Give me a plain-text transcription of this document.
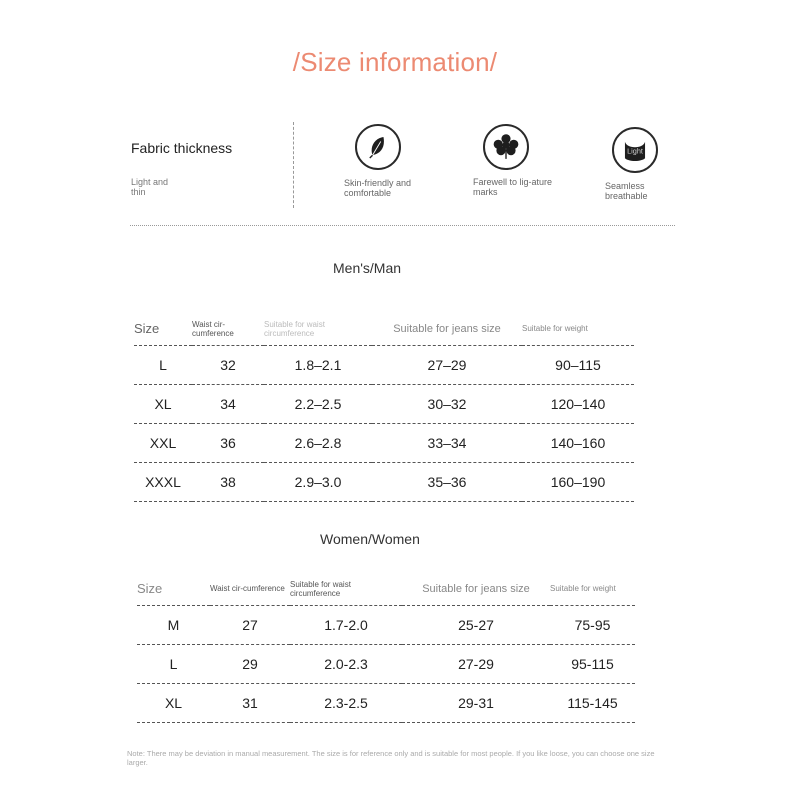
/Size information/
Fabric thickness
Light and thin
Skin-friendly and comfortable
Farewell to lig-ature marks
Light
Seamless breathable
Men's/Man
Size	Waist cir-cumference	Suitable for waist circumference	Suitable for jeans size	Suitable for weight
L	32	1.8–2.1	27–29	90–115
XL	34	2.2–2.5	30–32	120–140
XXL	36	2.6–2.8	33–34	140–160
XXXL	38	2.9–3.0	35–36	160–190
Women/Women
Size	Waist cir-cumference	Suitable for waist circumference	Suitable for jeans size	Suitable for weight
M	27	1.7-2.0	25-27	75-95
L	29	2.0-2.3	27-29	95-115
XL	31	2.3-2.5	29-31	115-145
Note: There may be deviation in manual measurement. The size is for reference only and is suitable for most people. If you like loose, you can choose one size larger.
